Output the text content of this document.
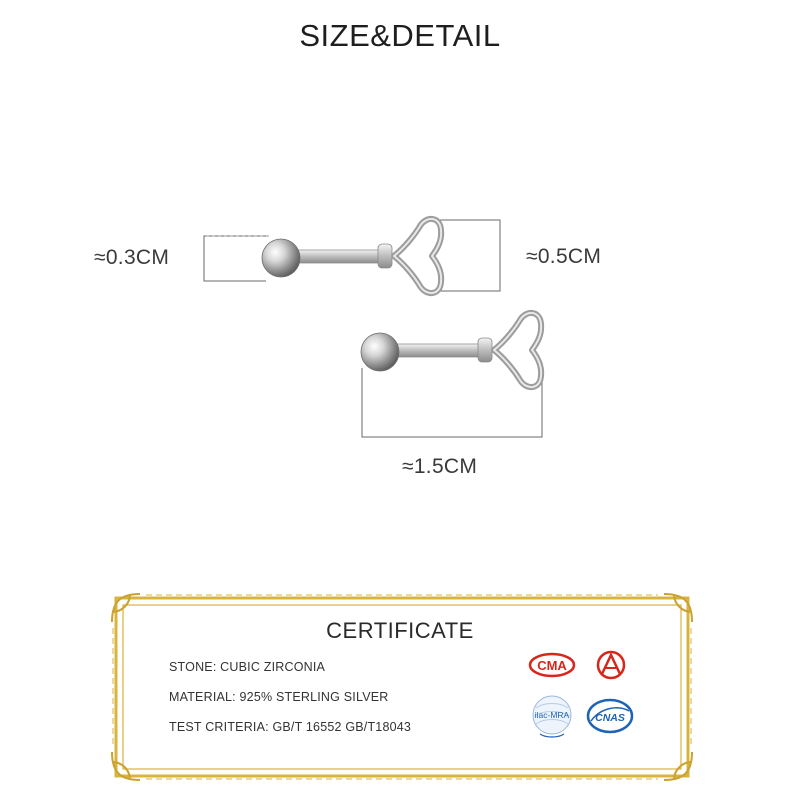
SIZE&DETAIL
≈0.3CM	≈0.5CM
≈1.5CM
CERTIFICATE
STONE: CUBIC ZIRCONIA
MATERIAL: 925% STERLING SILVER
TEST CRITERIA: GB/T 16552 GB/T18043
CMA
ilac-MRA CNAS
